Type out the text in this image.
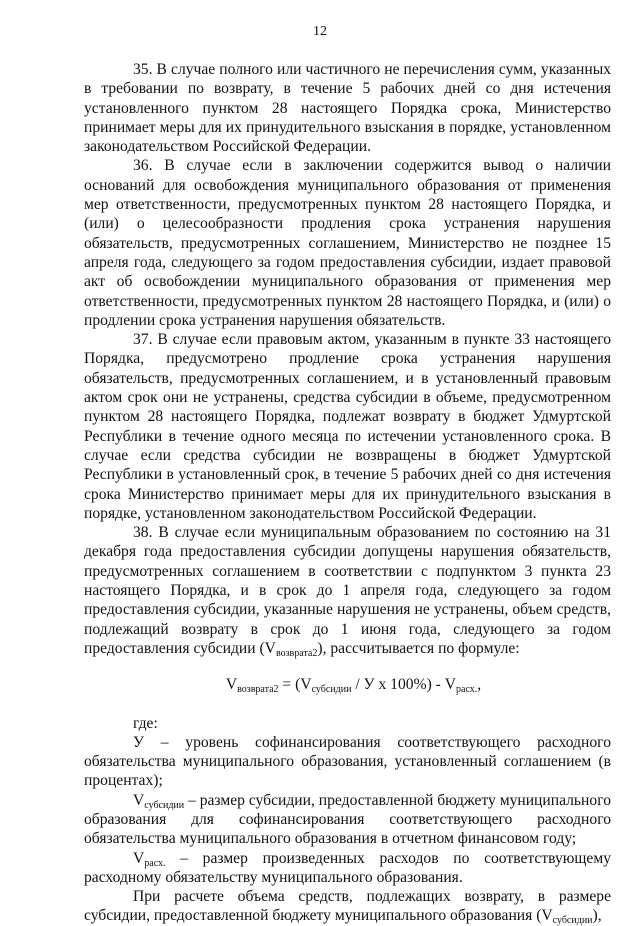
12

35. В случае полного или частичного не перечисления сумм, указанных в требовании по возврату, в течение 5 рабочих дней со дня истечения установленного пунктом 28 настоящего Порядка срока, Министерство принимает меры для их принудительного взыскания в порядке, установленном законодательством Российской Федерации.

36. В случае если в заключении содержится вывод о наличии оснований для освобождения муниципального образования от применения мер ответственности, предусмотренных пунктом 28 настоящего Порядка, и (или) о целесообразности продления срока устранения нарушения обязательств, предусмотренных соглашением, Министерство не позднее 15 апреля года, следующего за годом предоставления субсидии, издает правовой акт об освобождении муниципального образования от применения мер ответственности, предусмотренных пунктом 28 настоящего Порядка, и (или) о продлении срока устранения нарушения обязательств.

37. В случае если правовым актом, указанным в пункте 33 настоящего Порядка, предусмотрено продление срока устранения нарушения обязательств, предусмотренных соглашением, и в установленный правовым актом срок они не устранены, средства субсидии в объеме, предусмотренном пунктом 28 настоящего Порядка, подлежат возврату в бюджет Удмуртской Республики в течение одного месяца по истечении установленного срока. В случае если средства субсидии не возвращены в бюджет Удмуртской Республики в установленный срок, в течение 5 рабочих дней со дня истечения срока Министерство принимает меры для их принудительного взыскания в порядке, установленном законодательством Российской Федерации.

38. В случае если муниципальным образованием по состоянию на 31 декабря года предоставления субсидии допущены нарушения обязательств, предусмотренных соглашением в соответствии с подпунктом 3 пункта 23 настоящего Порядка, и в срок до 1 апреля года, следующего за годом предоставления субсидии, указанные нарушения не устранены, объем средств, подлежащий возврату в срок до 1 июня года, следующего за годом предоставления субсидии $(V_{возврата2})$, рассчитывается по формуле:

$V_{возврата2} = (V_{субсидии} / У$ х $100\%) - V_{расх.}$,

где:

У – уровень софинансирования соответствующего расходного обязательства муниципального образования, установленный соглашением (в процентах);

$V_{субсидии}$ – размер субсидии, предоставленной бюджету муниципального образования для софинансирования соответствующего расходного обязательства муниципального образования в отчетном финансовом году;

$V_{расх.}$ – размер произведенных расходов по соответствующему расходному обязательству муниципального образования.

При расчете объема средств, подлежащих возврату, в размере субсидии, предоставленной бюджету муниципального образования $(V_{субсидии})$,
